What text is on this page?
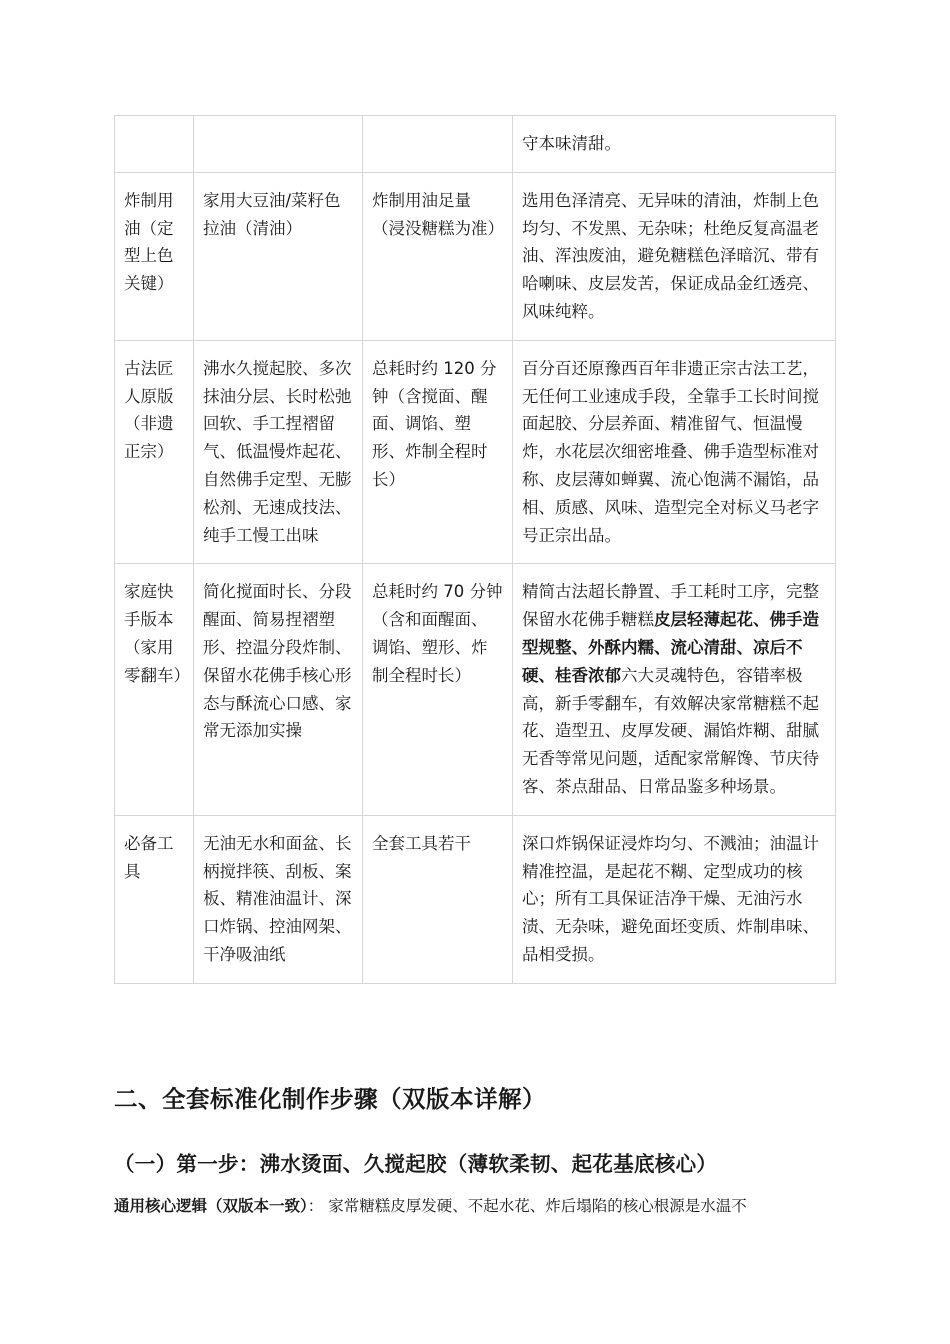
			守本味清甜。
炸制用油（定型上色关键）	家用大豆油/菜籽色拉油（清油）	炸制用油足量（浸没糖糕为准）	选用色泽清亮、无异味的清油，炸制上色均匀、不发黑、无杂味；杜绝反复高温老油、浑浊废油，避免糖糕色泽暗沉、带有哈喇味、皮层发苦，保证成品金红透亮、风味纯粹。
古法匠人原版（非遗正宗）	沸水久搅起胶、多次抹油分层、长时松弛回软、手工捏褶留气、低温慢炸起花、自然佛手定型、无膨松剂、无速成技法、纯手工慢工出味	总耗时约 120 分钟（含搅面、醒面、调馅、塑形、炸制全程时长）	百分百还原豫西百年非遗正宗古法工艺，无任何工业速成手段，全靠手工长时间搅面起胶、分层养面、精准留气、恒温慢炸，水花层次细密堆叠、佛手造型标准对称、皮层薄如蝉翼、流心饱满不漏馅，品相、质感、风味、造型完全对标义马老字号正宗出品。
家庭快手版本（家用零翻车）	简化搅面时长、分段醒面、简易捏褶塑形、控温分段炸制、保留水花佛手核心形态与酥流心口感、家常无添加实操	总耗时约 70 分钟（含和面醒面、调馅、塑形、炸制全程时长）	精简古法超长静置、手工耗时工序，完整保留水花佛手糖糕皮层轻薄起花、佛手造型规整、外酥内糯、流心清甜、凉后不硬、桂香浓郁六大灵魂特色，容错率极高，新手零翻车，有效解决家常糖糕不起花、造型丑、皮厚发硬、漏馅炸糊、甜腻无香等常见问题，适配家常解馋、节庆待客、茶点甜品、日常品鉴多种场景。
必备工具	无油无水和面盆、长柄搅拌筷、刮板、案板、精准油温计、深口炸锅、控油网架、干净吸油纸	全套工具若干	深口炸锅保证浸炸均匀、不溅油；油温计精准控温，是起花不糊、定型成功的核心；所有工具保证洁净干燥、无油污水渍、无杂味，避免面坯变质、炸制串味、品相受损。
二、全套标准化制作步骤（双版本详解）
（一）第一步：沸水烫面、久搅起胶（薄软柔韧、起花基底核心）

通用核心逻辑（双版本一致）： 家常糖糕皮厚发硬、不起水花、炸后塌陷的核心根源是水温不
